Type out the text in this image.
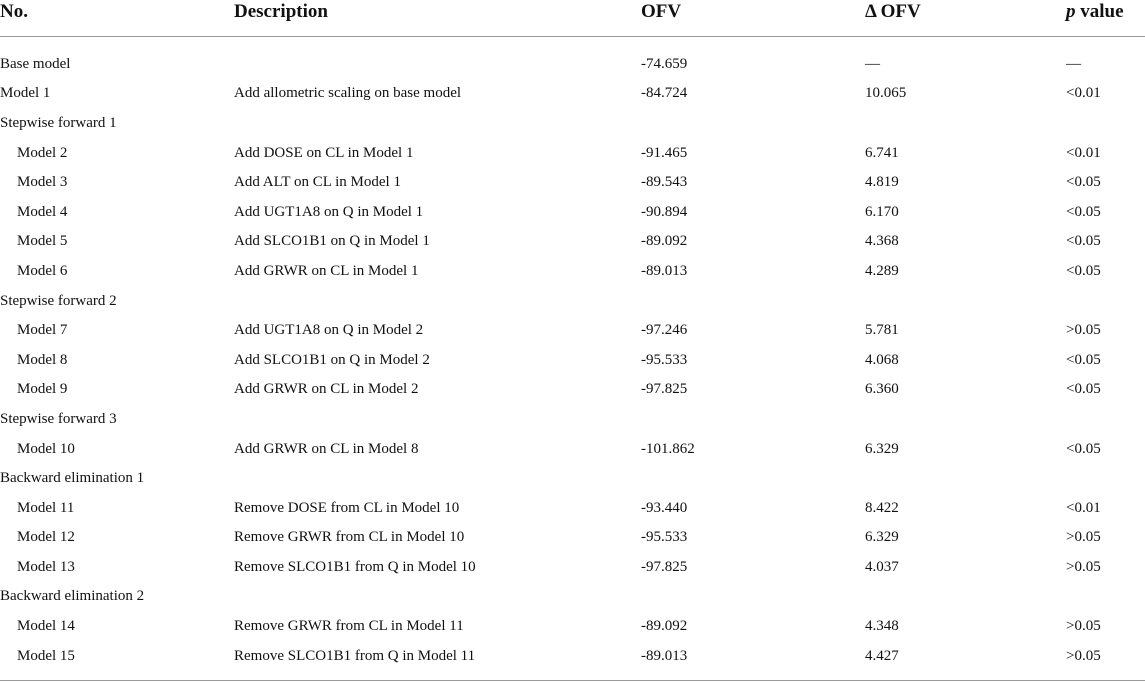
No.	Description	OFV	Δ OFV	p value

Base model		-74.659	—	—
Model 1	Add allometric scaling on base model	-84.724	10.065	<0.01
Stepwise forward 1				
Model 2	Add DOSE on CL in Model 1	-91.465	6.741	<0.01
Model 3	Add ALT on CL in Model 1	-89.543	4.819	<0.05
Model 4	Add UGT1A8 on Q in Model 1	-90.894	6.170	<0.05
Model 5	Add SLCO1B1 on Q in Model 1	-89.092	4.368	<0.05
Model 6	Add GRWR on CL in Model 1	-89.013	4.289	<0.05
Stepwise forward 2				
Model 7	Add UGT1A8 on Q in Model 2	-97.246	5.781	>0.05
Model 8	Add SLCO1B1 on Q in Model 2	-95.533	4.068	<0.05
Model 9	Add GRWR on CL in Model 2	-97.825	6.360	<0.05
Stepwise forward 3				
Model 10	Add GRWR on CL in Model 8	-101.862	6.329	<0.05
Backward elimination 1				
Model 11	Remove DOSE from CL in Model 10	-93.440	8.422	<0.01
Model 12	Remove GRWR from CL in Model 10	-95.533	6.329	>0.05
Model 13	Remove SLCO1B1 from Q in Model 10	-97.825	4.037	>0.05
Backward elimination 2				
Model 14	Remove GRWR from CL in Model 11	-89.092	4.348	>0.05
Model 15	Remove SLCO1B1 from Q in Model 11	-89.013	4.427	>0.05
